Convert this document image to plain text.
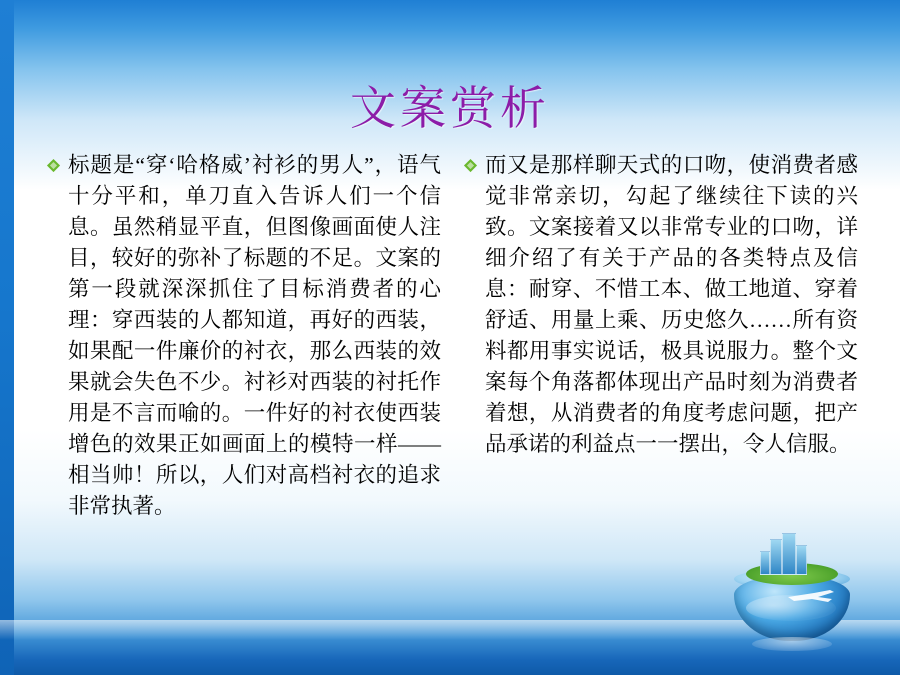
文案赏析
标题是“穿‘哈格威’衬衫的男人”，语气十分平和，单刀直入告诉人们一个信息。虽然稍显平直，但图像画面使人注目，较好的弥补了标题的不足。文案的第一段就深深抓住了目标消费者的心理：穿西装的人都知道，再好的西装，如果配一件廉价的衬衣，那么西装的效果就会失色不少。衬衫对西装的衬托作用是不言而喻的。一件好的衬衣使西装增色的效果正如画面上的模特一样——相当帅！所以，人们对高档衬衣的追求非常执著。
而又是那样聊天式的口吻，使消费者感觉非常亲切，勾起了继续往下读的兴致。文案接着又以非常专业的口吻，详细介绍了有关于产品的各类特点及信息：耐穿、不惜工本、做工地道、穿着舒适、用量上乘、历史悠久……所有资料都用事实说话，极具说服力。整个文案每个角落都体现出产品时刻为消费者着想，从消费者的角度考虑问题，把产品承诺的利益点一一摆出，令人信服。
